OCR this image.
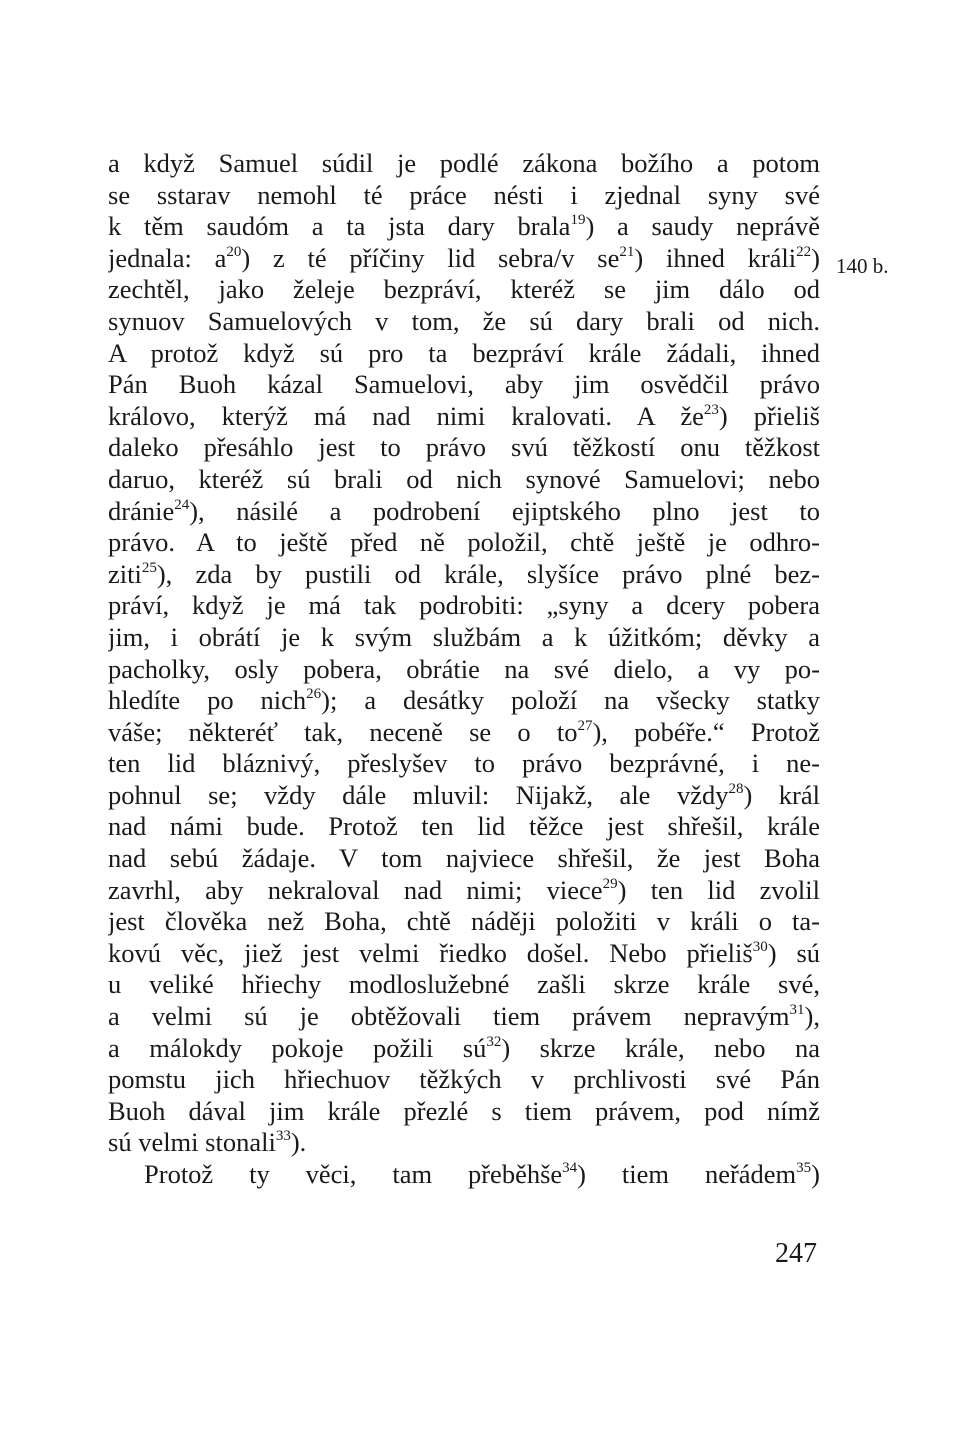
a když Samuel súdil je podlé zákona božího a potom
se sstarav nemohl té práce nésti i zjednal syny své
k těm saudóm a ta jsta dary brala$^{19}$) a saudy neprávě
jednala: $a^{20}$) z té příčiny lid sebra/v $se^{21}$) ihned králi$^{22}$)
zechtěl, jako želeje bezpráví, kteréž se jim dálo od
synuov Samuelových v tom, že sú dary brali od nich.
A protož když sú pro ta bezpráví krále žádali, ihned
Pán Buoh kázal Samuelovi, aby jim osvědčil právo
královo, kterýž má nad nimi kralovati. A $že^{23}$) přieliš
daleko přesáhlo jest to právo svú těžkostí onu těžkost
daruo, kteréž sú brali od nich synové Samuelovi; nebo
dránie$^{24}$), násilé a podrobení ejiptského plno jest to
právo. A to ještě před ně položil, chtě ještě je odhro-
ziti$^{25}$), zda by pustili od krále, slyšíce právo plné bez-
práví, když je má tak podrobiti: „syny a dcery pobera
jim, i obrátí je k svým službám a k úžitkóm; děvky a
pacholky, osly pobera, obrátie na své dielo, a vy po-
hledíte po nich$^{26}$); a desátky položí na všecky statky
váše; některéť tak, neceně se o $to^{27}$), pobéře.“ Protož
ten lid bláznivý, přeslyšev to právo bezprávné, i ne-
pohnul se; vždy dále mluvil: Nijakž, ale vždy$^{28}$) král
nad námi bude. Protož ten lid těžce jest shřešil, krále
nad sebú žádaje. V tom najviece shřešil, že jest Boha
zavrhl, aby nekraloval nad nimi; viece$^{29}$) ten lid zvolil
jest člověka než Boha, chtě náději položiti v králi o ta-
kovú věc, jiež jest velmi řiedko došel. Nebo přieliš$^{30}$) sú
u veliké hřiechy modloslužebné zašli skrze krále své,
a velmi sú je obtěžovali tiem právem nepravým$^{31}$),
a málokdy pokoje požili $sú^{32}$) skrze krále, nebo na
pomstu jich hřiechuov těžkých v prchlivosti své Pán
Buoh dával jim krále přezlé s tiem právem, pod nímž
sú velmi stonali$^{33}$).
Protož ty věci, tam přeběhše$^{34}$) tiem neřádem$^{35}$)
140 b.
247
